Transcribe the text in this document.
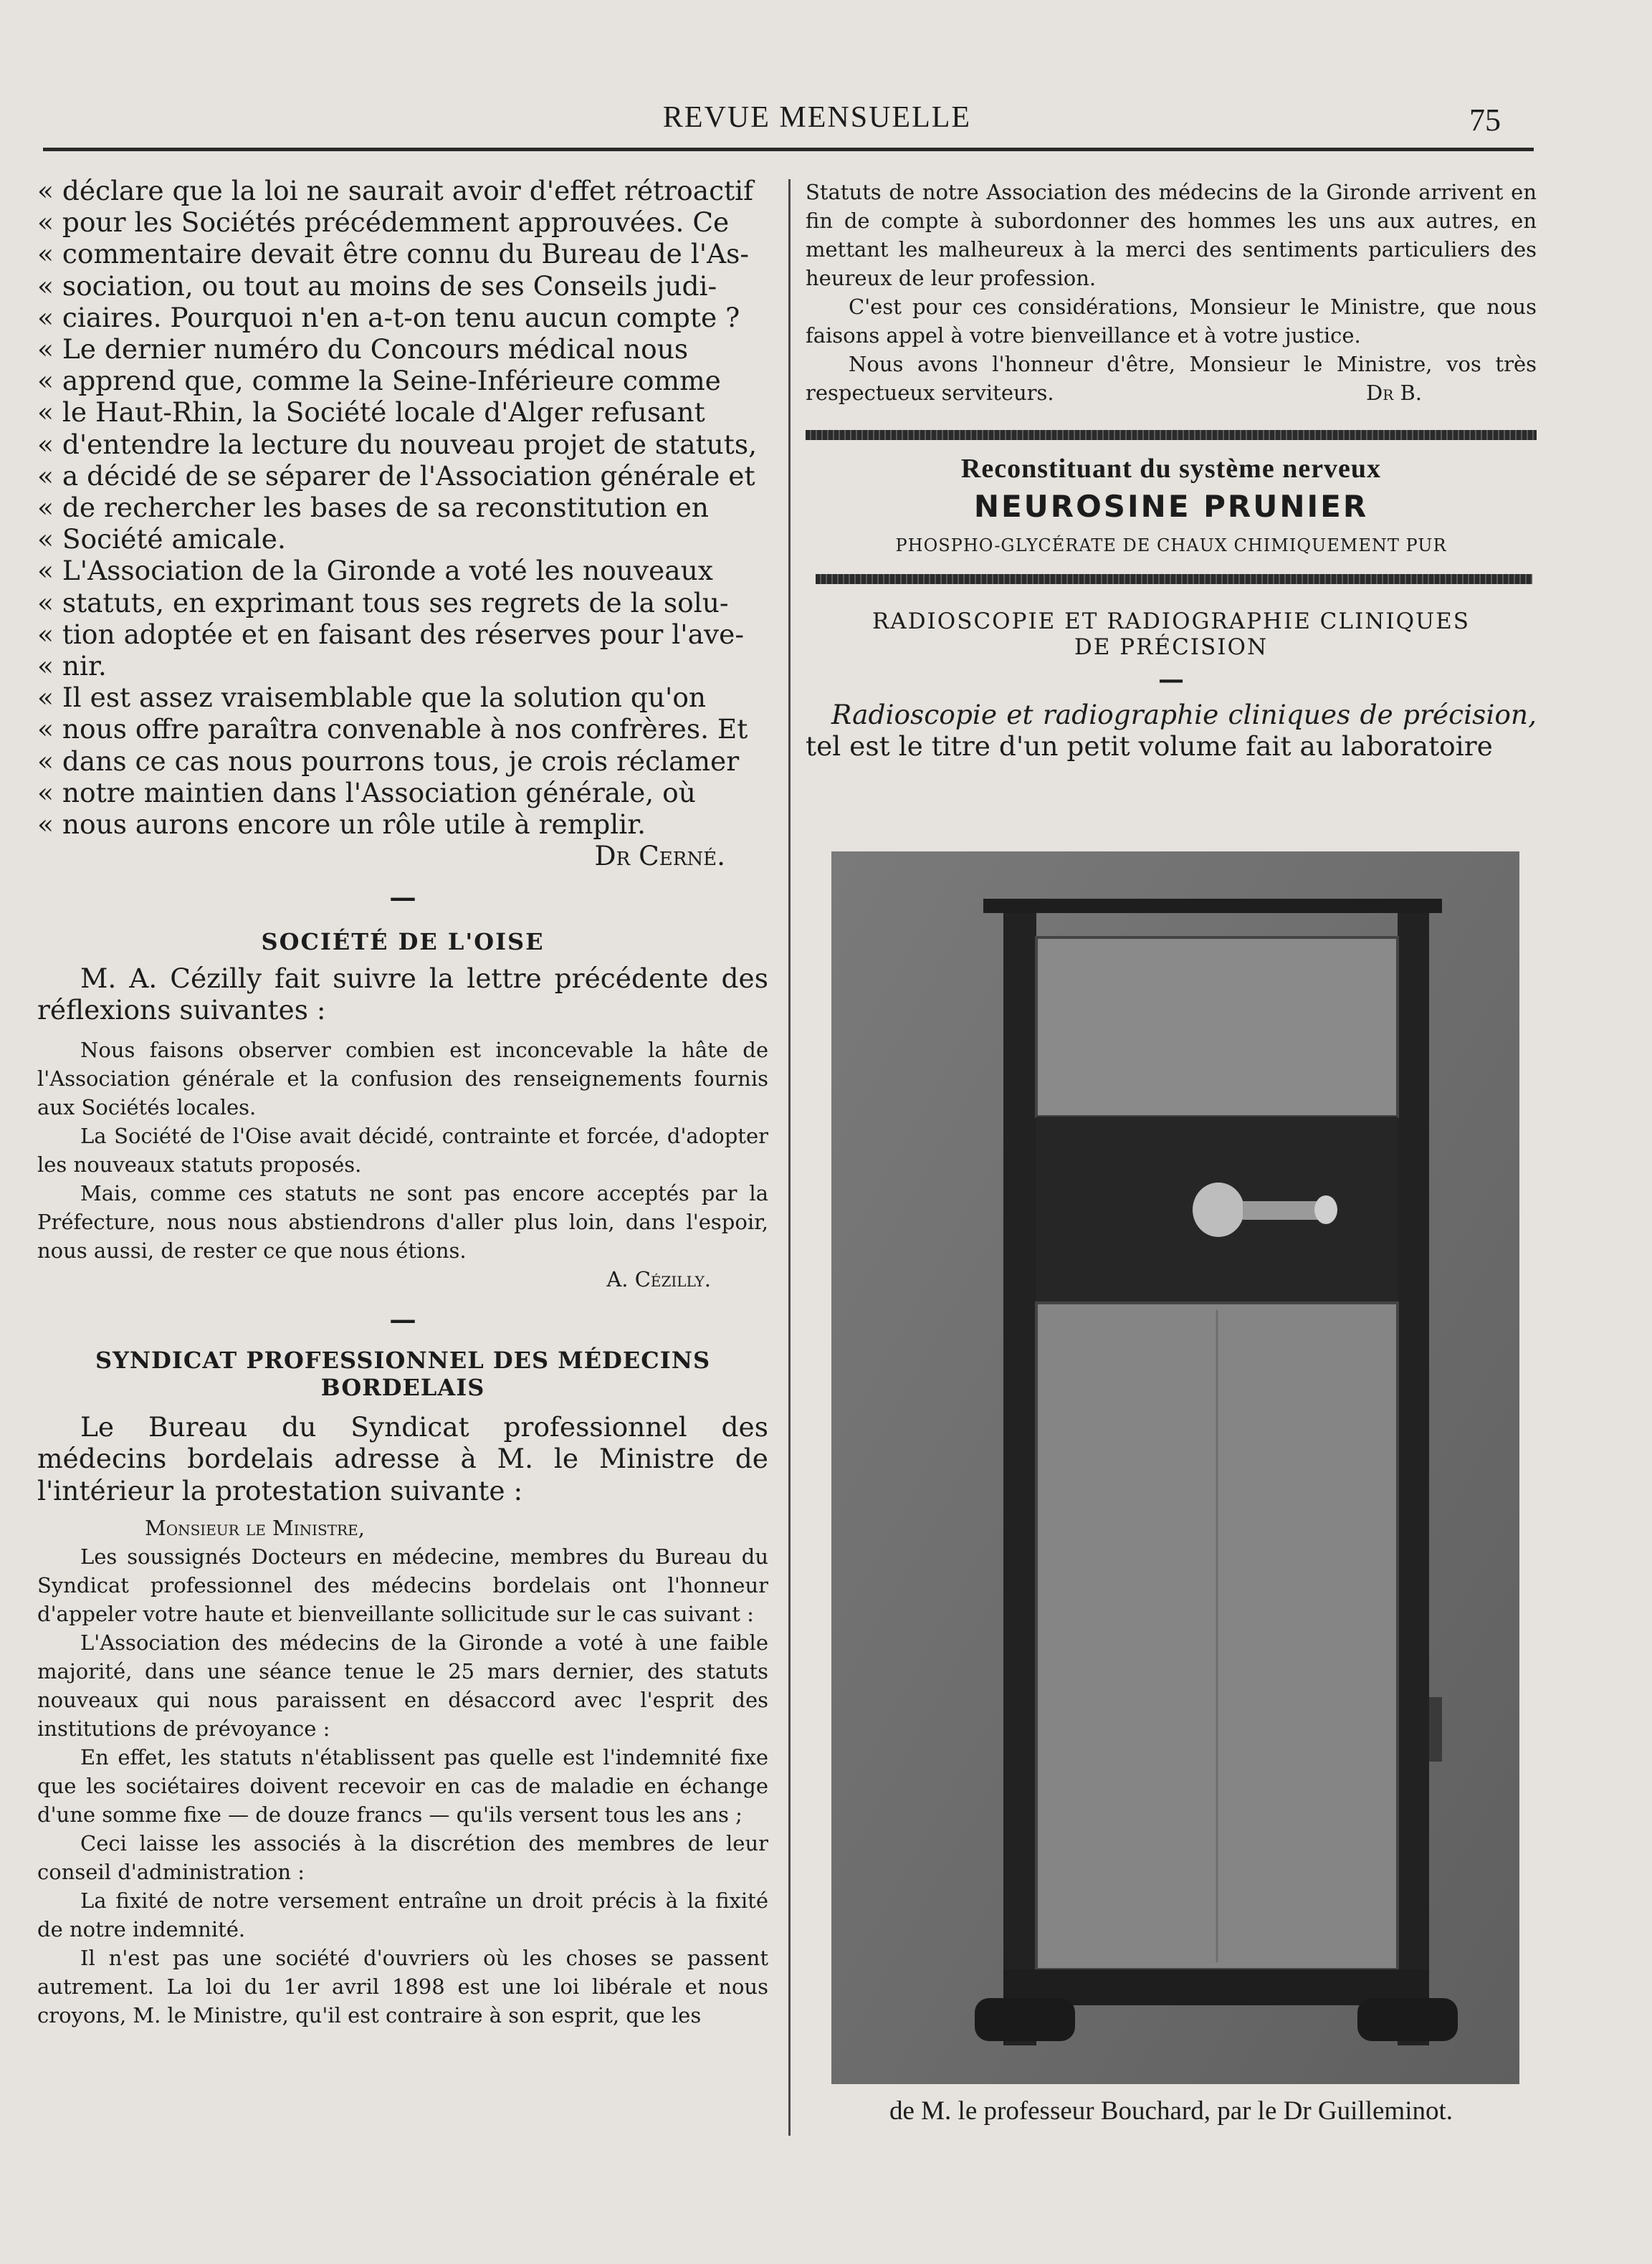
REVUE MENSUELLE	75
« déclare que la loi ne saurait avoir d'effet rétroactif
« pour les Sociétés précédemment approuvées. Ce
« commentaire devait être connu du Bureau de l'As-
« sociation, ou tout au moins de ses Conseils judi-
« ciaires. Pourquoi n'en a-t-on tenu aucun compte ?
« Le dernier numéro du Concours médical nous
« apprend que, comme la Seine-Inférieure comme
« le Haut-Rhin, la Société locale d'Alger refusant
« d'entendre la lecture du nouveau projet de statuts,
« a décidé de se séparer de l'Association générale et
« de rechercher les bases de sa reconstitution en
« Société amicale.
« L'Association de la Gironde a voté les nouveaux
« statuts, en exprimant tous ses regrets de la solu-
« tion adoptée et en faisant des réserves pour l'ave-
« nir.
« Il est assez vraisemblable que la solution qu'on
« nous offre paraîtra convenable à nos confrères. Et
« dans ce cas nous pourrons tous, je crois réclamer
« notre maintien dans l'Association générale, où
« nous aurons encore un rôle utile à remplir.

Dr Cerné.

—

SOCIÉTÉ DE L'OISE

M. A. Cézilly fait suivre la lettre précédente des réflexions suivantes :

Nous faisons observer combien est inconcevable la hâte de l'Association générale et la confusion des renseignements fournis aux Sociétés locales.

La Société de l'Oise avait décidé, contrainte et forcée, d'adopter les nouveaux statuts proposés.

Mais, comme ces statuts ne sont pas encore acceptés par la Préfecture, nous nous abstiendrons d'aller plus loin, dans l'espoir, nous aussi, de rester ce que nous étions.

A. Cézilly.

—

SYNDICAT PROFESSIONNEL DES MÉDECINS

BORDELAIS

Le Bureau du Syndicat professionnel des médecins bordelais adresse à M. le Ministre de l'intérieur la protestation suivante :

Monsieur le Ministre,

Les soussignés Docteurs en médecine, membres du Bureau du Syndicat professionnel des médecins bordelais ont l'honneur d'appeler votre haute et bienveillante sollicitude sur le cas suivant :

L'Association des médecins de la Gironde a voté à une faible majorité, dans une séance tenue le 25 mars dernier, des statuts nouveaux qui nous paraissent en désaccord avec l'esprit des institutions de prévoyance :

En effet, les statuts n'établissent pas quelle est l'indemnité fixe que les sociétaires doivent recevoir en cas de maladie en échange d'une somme fixe — de douze francs — qu'ils versent tous les ans ;

Ceci laisse les associés à la discrétion des membres de leur conseil d'administration :

La fixité de notre versement entraîne un droit précis à la fixité de notre indemnité.

Il n'est pas une société d'ouvriers où les choses se passent autrement. La loi du 1er avril 1898 est une loi libérale et nous croyons, M. le Ministre, qu'il est contraire à son esprit, que les

Statuts de notre Association des médecins de la Gironde arrivent en fin de compte à subordonner des hommes les uns aux autres, en mettant les malheureux à la merci des sentiments particuliers des heureux de leur profession.

C'est pour ces considérations, Monsieur le Ministre, que nous faisons appel à votre bienveillance et à votre justice.

Nous avons l'honneur d'être, Monsieur le Ministre, vos très respectueux serviteurs.	Dr B.

Reconstituant du système nerveux

NEUROSINE PRUNIER

PHOSPHO-GLYCÉRATE DE CHAUX CHIMIQUEMENT PUR

RADIOSCOPIE ET RADIOGRAPHIE CLINIQUES

DE PRÉCISION

—

Radioscopie et radiographie cliniques de précision, tel est le titre d'un petit volume fait au laboratoire

de M. le professeur Bouchard, par le Dr Guilleminot.
